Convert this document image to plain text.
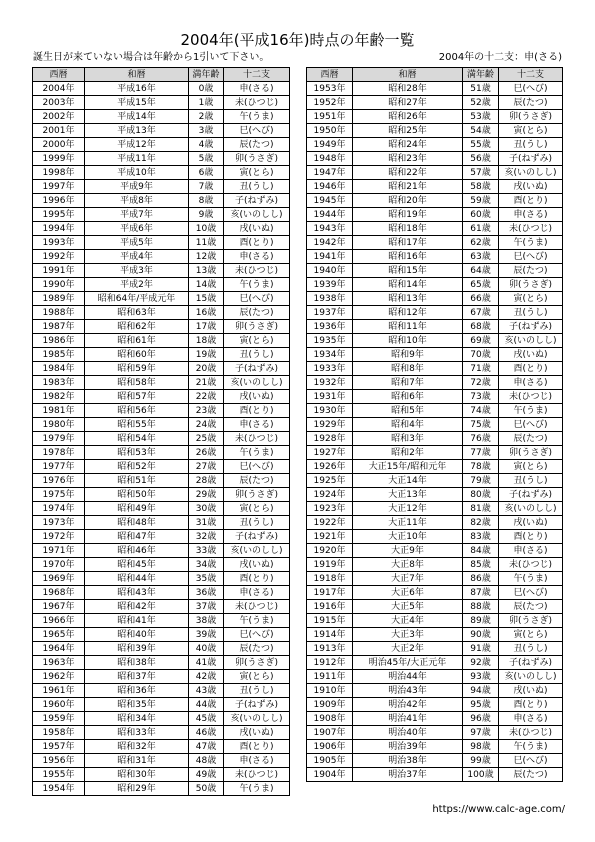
2004年(平成16年)時点の年齢一覧
誕生日が来ていない場合は年齢から1引いて下さい。	2004年の十二支：申(さる)
西暦	和暦	満年齢	十二支
2004年	平成16年	0歳	申(さる)
2003年	平成15年	1歳	未(ひつじ)
2002年	平成14年	2歳	午(うま)
2001年	平成13年	3歳	巳(へび)
2000年	平成12年	4歳	辰(たつ)
1999年	平成11年	5歳	卯(うさぎ)
1998年	平成10年	6歳	寅(とら)
1997年	平成9年	7歳	丑(うし)
1996年	平成8年	8歳	子(ねずみ)
1995年	平成7年	9歳	亥(いのしし)
1994年	平成6年	10歳	戌(いぬ)
1993年	平成5年	11歳	酉(とり)
1992年	平成4年	12歳	申(さる)
1991年	平成3年	13歳	未(ひつじ)
1990年	平成2年	14歳	午(うま)
1989年	昭和64年/平成元年	15歳	巳(へび)
1988年	昭和63年	16歳	辰(たつ)
1987年	昭和62年	17歳	卯(うさぎ)
1986年	昭和61年	18歳	寅(とら)
1985年	昭和60年	19歳	丑(うし)
1984年	昭和59年	20歳	子(ねずみ)
1983年	昭和58年	21歳	亥(いのしし)
1982年	昭和57年	22歳	戌(いぬ)
1981年	昭和56年	23歳	酉(とり)
1980年	昭和55年	24歳	申(さる)
1979年	昭和54年	25歳	未(ひつじ)
1978年	昭和53年	26歳	午(うま)
1977年	昭和52年	27歳	巳(へび)
1976年	昭和51年	28歳	辰(たつ)
1975年	昭和50年	29歳	卯(うさぎ)
1974年	昭和49年	30歳	寅(とら)
1973年	昭和48年	31歳	丑(うし)
1972年	昭和47年	32歳	子(ねずみ)
1971年	昭和46年	33歳	亥(いのしし)
1970年	昭和45年	34歳	戌(いぬ)
1969年	昭和44年	35歳	酉(とり)
1968年	昭和43年	36歳	申(さる)
1967年	昭和42年	37歳	未(ひつじ)
1966年	昭和41年	38歳	午(うま)
1965年	昭和40年	39歳	巳(へび)
1964年	昭和39年	40歳	辰(たつ)
1963年	昭和38年	41歳	卯(うさぎ)
1962年	昭和37年	42歳	寅(とら)
1961年	昭和36年	43歳	丑(うし)
1960年	昭和35年	44歳	子(ねずみ)
1959年	昭和34年	45歳	亥(いのしし)
1958年	昭和33年	46歳	戌(いぬ)
1957年	昭和32年	47歳	酉(とり)
1956年	昭和31年	48歳	申(さる)
1955年	昭和30年	49歳	未(ひつじ)
1954年	昭和29年	50歳	午(うま)
西暦	和暦	満年齢	十二支
1953年	昭和28年	51歳	巳(へび)
1952年	昭和27年	52歳	辰(たつ)
1951年	昭和26年	53歳	卯(うさぎ)
1950年	昭和25年	54歳	寅(とら)
1949年	昭和24年	55歳	丑(うし)
1948年	昭和23年	56歳	子(ねずみ)
1947年	昭和22年	57歳	亥(いのしし)
1946年	昭和21年	58歳	戌(いぬ)
1945年	昭和20年	59歳	酉(とり)
1944年	昭和19年	60歳	申(さる)
1943年	昭和18年	61歳	未(ひつじ)
1942年	昭和17年	62歳	午(うま)
1941年	昭和16年	63歳	巳(へび)
1940年	昭和15年	64歳	辰(たつ)
1939年	昭和14年	65歳	卯(うさぎ)
1938年	昭和13年	66歳	寅(とら)
1937年	昭和12年	67歳	丑(うし)
1936年	昭和11年	68歳	子(ねずみ)
1935年	昭和10年	69歳	亥(いのしし)
1934年	昭和9年	70歳	戌(いぬ)
1933年	昭和8年	71歳	酉(とり)
1932年	昭和7年	72歳	申(さる)
1931年	昭和6年	73歳	未(ひつじ)
1930年	昭和5年	74歳	午(うま)
1929年	昭和4年	75歳	巳(へび)
1928年	昭和3年	76歳	辰(たつ)
1927年	昭和2年	77歳	卯(うさぎ)
1926年	大正15年/昭和元年	78歳	寅(とら)
1925年	大正14年	79歳	丑(うし)
1924年	大正13年	80歳	子(ねずみ)
1923年	大正12年	81歳	亥(いのしし)
1922年	大正11年	82歳	戌(いぬ)
1921年	大正10年	83歳	酉(とり)
1920年	大正9年	84歳	申(さる)
1919年	大正8年	85歳	未(ひつじ)
1918年	大正7年	86歳	午(うま)
1917年	大正6年	87歳	巳(へび)
1916年	大正5年	88歳	辰(たつ)
1915年	大正4年	89歳	卯(うさぎ)
1914年	大正3年	90歳	寅(とら)
1913年	大正2年	91歳	丑(うし)
1912年	明治45年/大正元年	92歳	子(ねずみ)
1911年	明治44年	93歳	亥(いのしし)
1910年	明治43年	94歳	戌(いぬ)
1909年	明治42年	95歳	酉(とり)
1908年	明治41年	96歳	申(さる)
1907年	明治40年	97歳	未(ひつじ)
1906年	明治39年	98歳	午(うま)
1905年	明治38年	99歳	巳(へび)
1904年	明治37年	100歳	辰(たつ)
https://www.calc-age.com/
